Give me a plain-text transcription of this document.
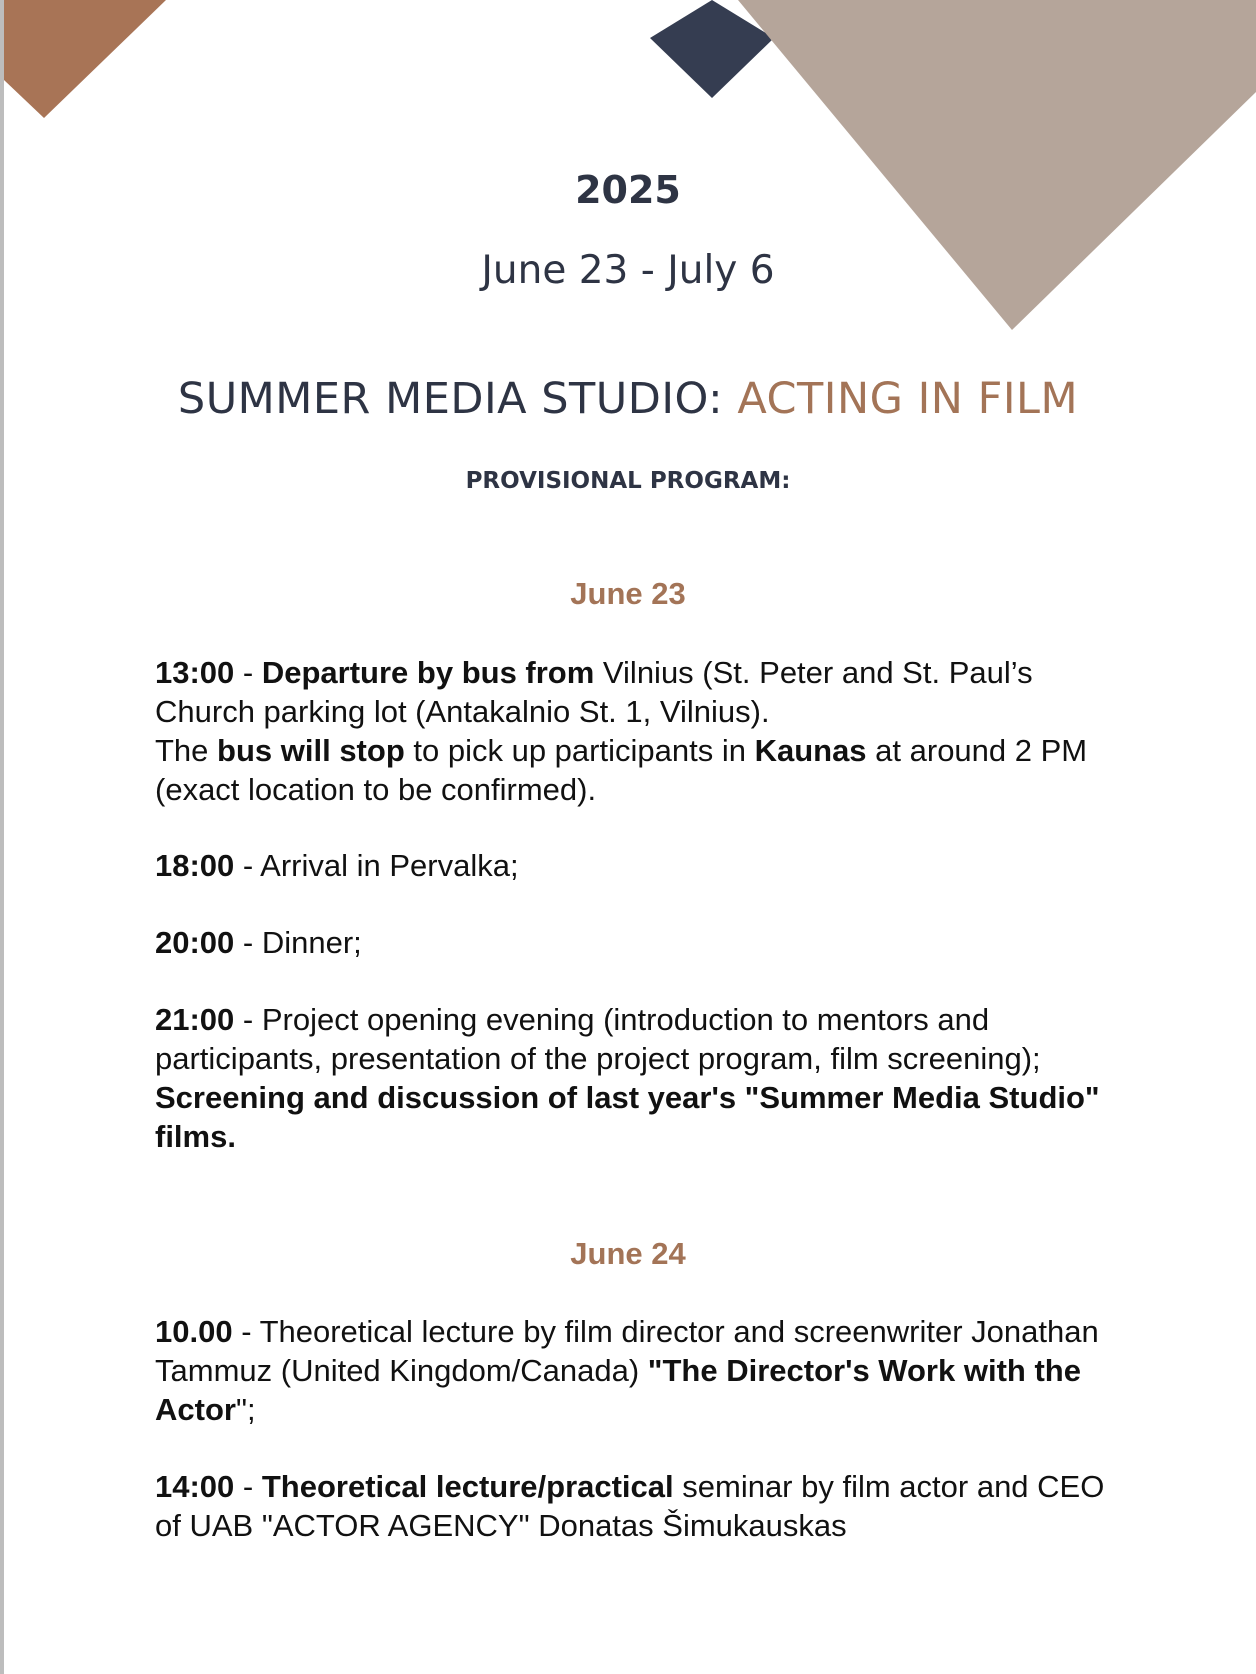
2025
June 23 - July 6
SUMMER MEDIA STUDIO: ACTING IN FILM
PROVISIONAL PROGRAM:
June 23
13:00 - Departure by bus from Vilnius (St. Peter and St. Paul’s Church parking lot (Antakalnio St. 1, Vilnius).
The bus will stop to pick up participants in Kaunas at around 2 PM (exact location to be confirmed).
18:00 - Arrival in Pervalka;
20:00 - Dinner;
21:00 - Project opening evening (introduction to mentors and participants, presentation of the project program, film screening);
Screening and discussion of last year's "Summer Media Studio" films.
June 24
10.00 - Theoretical lecture by film director and screenwriter Jonathan Tammuz (United Kingdom/Canada) "The Director's Work with the Actor";
14:00 - Theoretical lecture/practical seminar by film actor and CEO of UAB "ACTOR AGENCY" Donatas Šimukauskas
